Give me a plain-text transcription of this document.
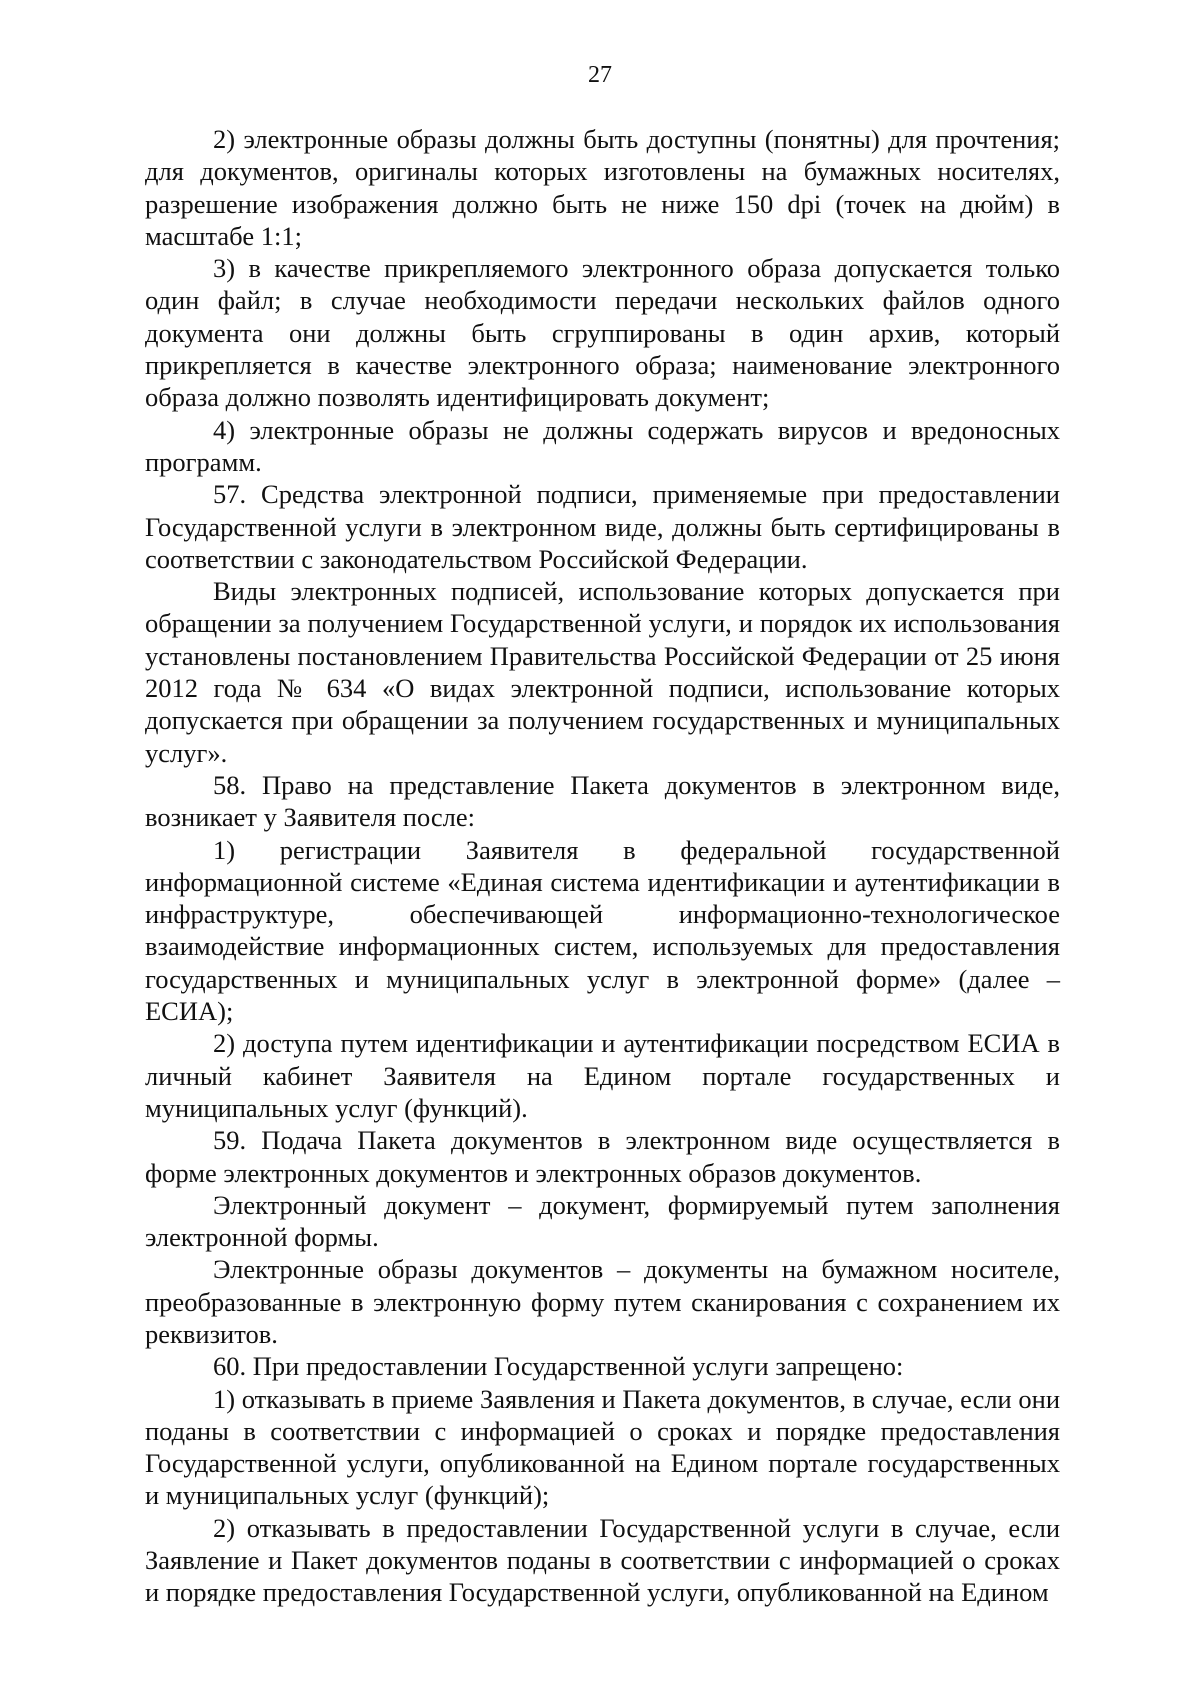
27

2) электронные образы должны быть доступны (понятны) для прочтения; для документов, оригиналы которых изготовлены на бумажных носителях, разрешение изображения должно быть не ниже 150 dpi (точек на дюйм) в масштабе 1:1;

3) в качестве прикрепляемого электронного образа допускается только один файл; в случае необходимости передачи нескольких файлов одного документа они должны быть сгруппированы в один архив, который прикрепляется в качестве электронного образа; наименование электронного образа должно позволять идентифицировать документ;

4) электронные образы не должны содержать вирусов и вредоносных программ.

57. Средства электронной подписи, применяемые при предоставлении Государственной услуги в электронном виде, должны быть сертифицированы в соответствии с законодательством Российской Федерации.

Виды электронных подписей, использование которых допускается при обращении за получением Государственной услуги, и порядок их использования установлены постановлением Правительства Российской Федерации от 25 июня 2012 года № 634 «О видах электронной подписи, использование которых допускается при обращении за получением государственных и муниципальных услуг».

58. Право на представление Пакета документов в электронном виде, возникает у Заявителя после:

1) регистрации Заявителя в федеральной государственной информационной системе «Единая система идентификации и аутентификации в инфраструктуре, обеспечивающей информационно-технологическое взаимодействие информационных систем, используемых для предоставления государственных и муниципальных услуг в электронной форме» (далее – ЕСИА);

2) доступа путем идентификации и аутентификации посредством ЕСИА в личный кабинет Заявителя на Едином портале государственных и муниципальных услуг (функций).

59. Подача Пакета документов в электронном виде осуществляется в форме электронных документов и электронных образов документов.

Электронный документ – документ, формируемый путем заполнения электронной формы.

Электронные образы документов – документы на бумажном носителе, преобразованные в электронную форму путем сканирования с сохранением их реквизитов.

60. При предоставлении Государственной услуги запрещено:

1) отказывать в приеме Заявления и Пакета документов, в случае, если они поданы в соответствии с информацией о сроках и порядке предоставления Государственной услуги, опубликованной на Едином портале государственных и муниципальных услуг (функций);

2) отказывать в предоставлении Государственной услуги в случае, если Заявление и Пакет документов поданы в соответствии с информацией о сроках и порядке предоставления Государственной услуги, опубликованной на Едином
